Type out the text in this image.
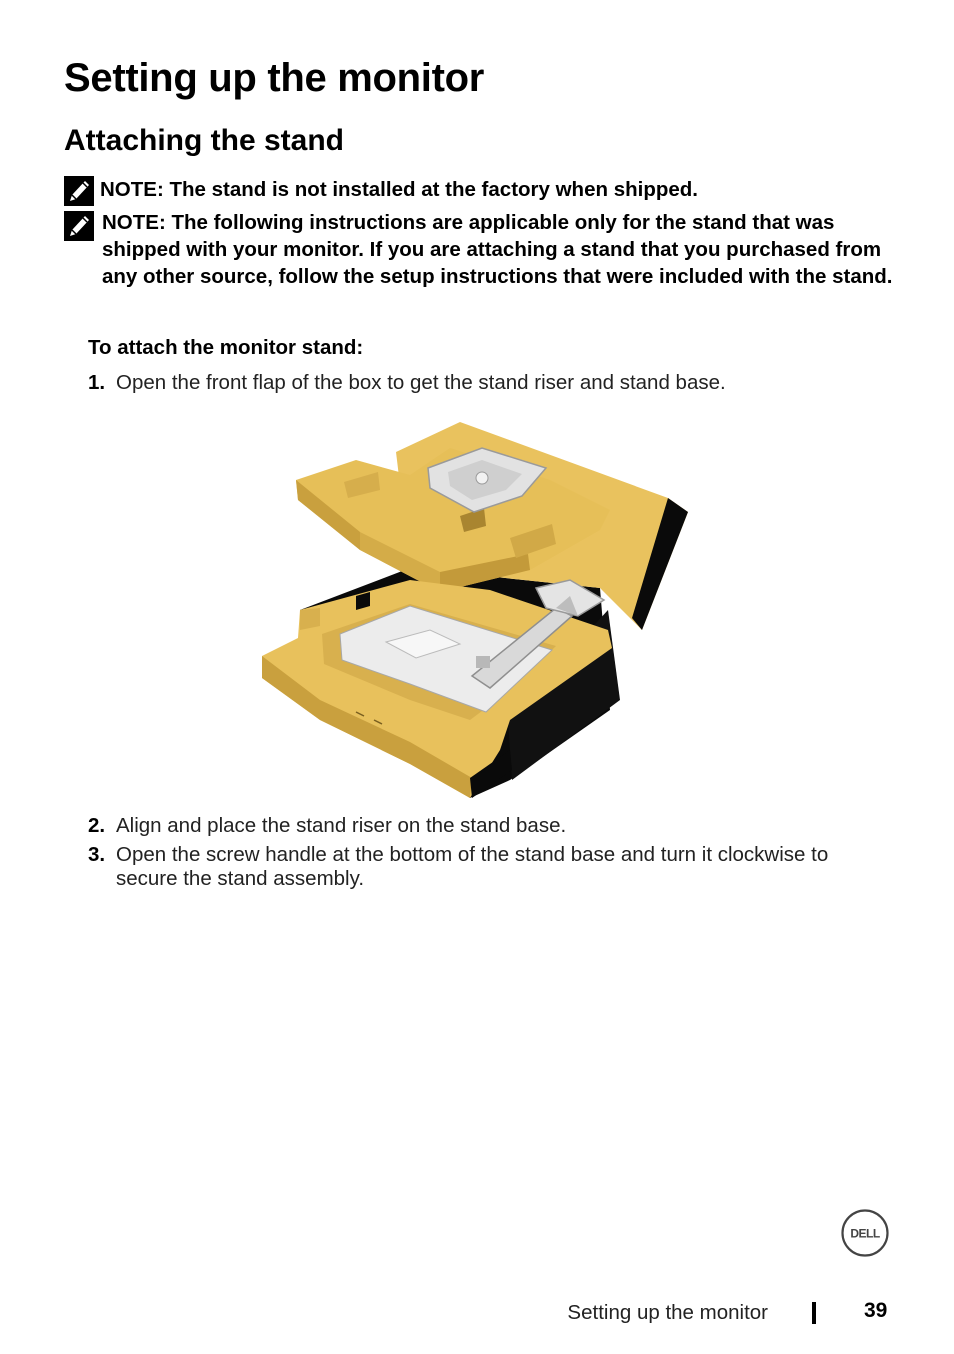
Setting up the monitor
Attaching the stand
NOTE: The stand is not installed at the factory when shipped.
NOTE: The following instructions are applicable only for the stand that was shipped with your monitor. If you are attaching a stand that you purchased from any other source, follow the setup instructions that were included with the stand.
To attach the monitor stand:
1. Open the front flap of the box to get the stand riser and stand base.
2. Align and place the stand riser on the stand base.
3. Open the screw handle at the bottom of the stand base and turn it clockwise to secure the stand assembly.
DELL
Setting up the monitor	39
